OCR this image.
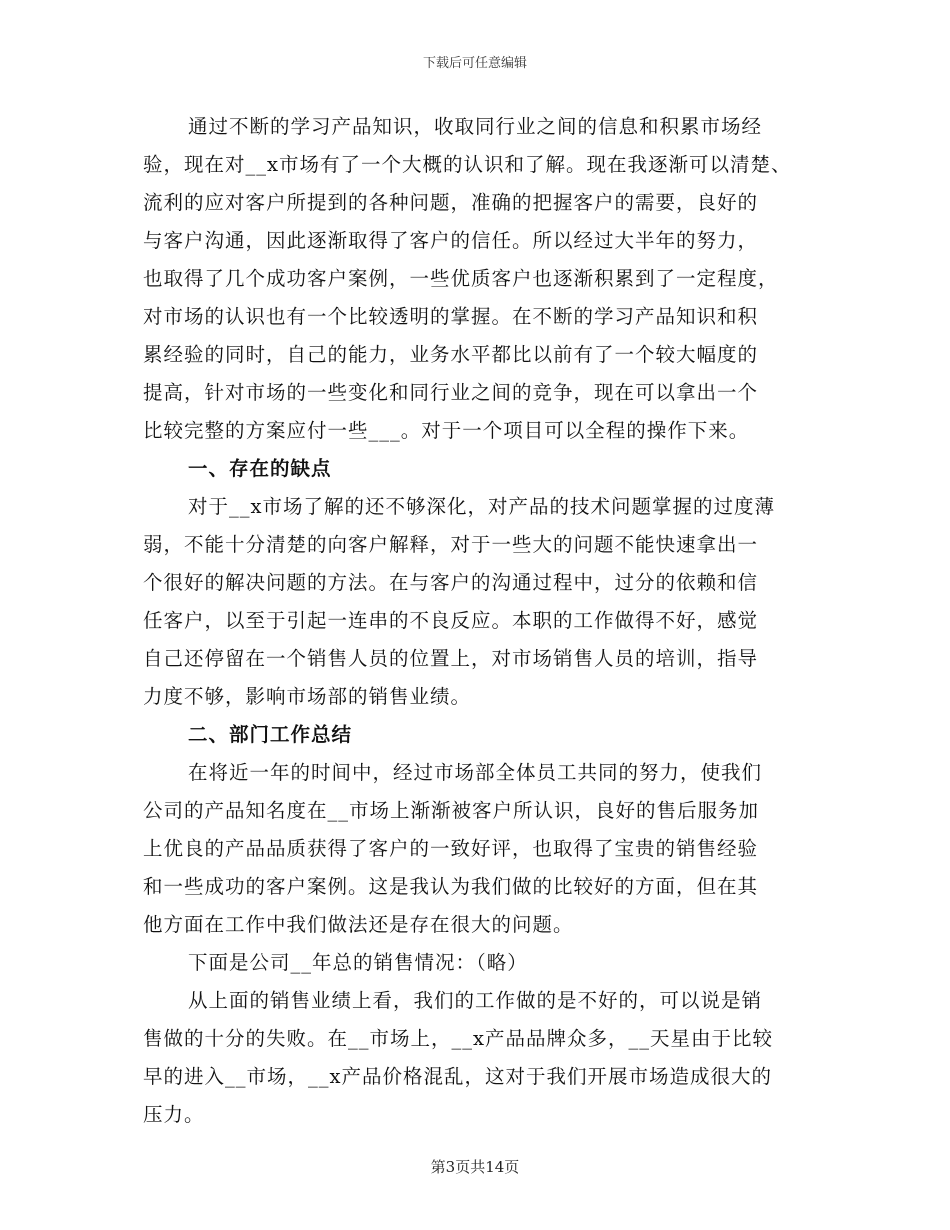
下载后可任意编辑
通过不断的学习产品知识，收取同行业之间的信息和积累市场经
验，现在对__x市场有了一个大概的认识和了解。现在我逐渐可以清楚、
流利的应对客户所提到的各种问题，准确的把握客户的需要，良好的
与客户沟通，因此逐渐取得了客户的信任。所以经过大半年的努力，
也取得了几个成功客户案例，一些优质客户也逐渐积累到了一定程度，
对市场的认识也有一个比较透明的掌握。在不断的学习产品知识和积
累经验的同时，自己的能力，业务水平都比以前有了一个较大幅度的
提高，针对市场的一些变化和同行业之间的竞争，现在可以拿出一个
比较完整的方案应付一些___。对于一个项目可以全程的操作下来。
一、存在的缺点
对于__x市场了解的还不够深化，对产品的技术问题掌握的过度薄
弱，不能十分清楚的向客户解释，对于一些大的问题不能快速拿出一
个很好的解决问题的方法。在与客户的沟通过程中，过分的依赖和信
任客户，以至于引起一连串的不良反应。本职的工作做得不好，感觉
自己还停留在一个销售人员的位置上，对市场销售人员的培训，指导
力度不够，影响市场部的销售业绩。
二、部门工作总结
在将近一年的时间中，经过市场部全体员工共同的努力，使我们
公司的产品知名度在__市场上渐渐被客户所认识，良好的售后服务加
上优良的产品品质获得了客户的一致好评，也取得了宝贵的销售经验
和一些成功的客户案例。这是我认为我们做的比较好的方面，但在其
他方面在工作中我们做法还是存在很大的问题。
下面是公司__年总的销售情况：（略）
从上面的销售业绩上看，我们的工作做的是不好的，可以说是销
售做的十分的失败。在__市场上，__x产品品牌众多，__天星由于比较
早的进入__市场，__x产品价格混乱，这对于我们开展市场造成很大的
压力。
第3页共14页
